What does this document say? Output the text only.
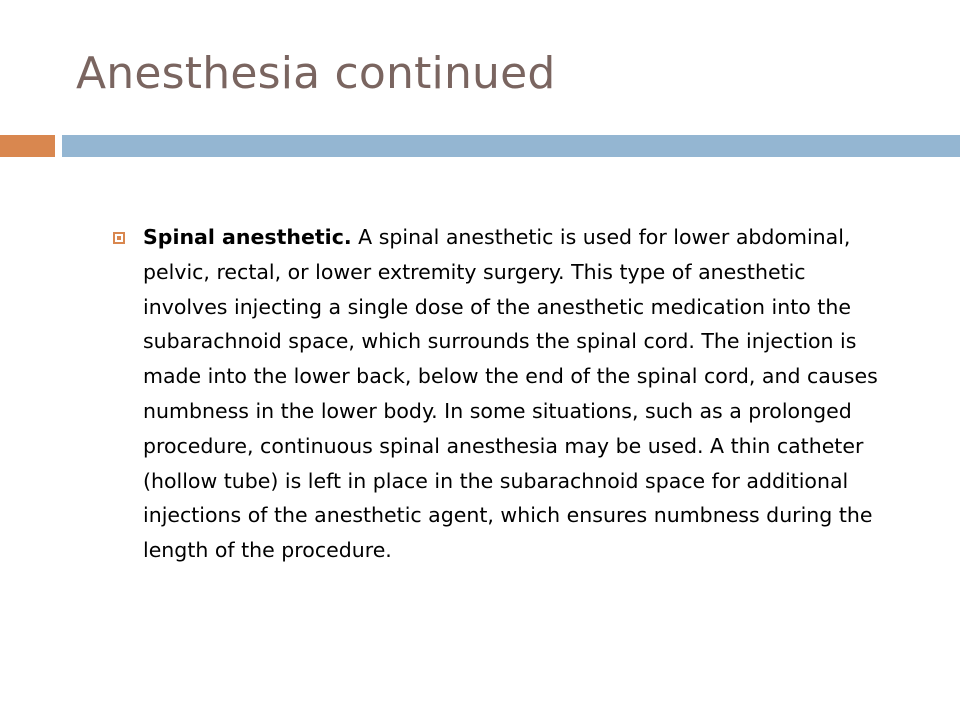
Anesthesia continued
Spinal anesthetic. A spinal anesthetic is used for lower abdominal, pelvic, rectal, or lower extremity surgery. This type of anesthetic involves injecting a single dose of the anesthetic medication into the subarachnoid space, which surrounds the spinal cord. The injection is made into the lower back, below the end of the spinal cord, and causes numbness in the lower body. In some situations, such as a prolonged procedure, continuous spinal anesthesia may be used. A thin catheter (hollow tube) is left in place in the subarachnoid space for additional injections of the anesthetic agent, which ensures numbness during the length of the procedure.
